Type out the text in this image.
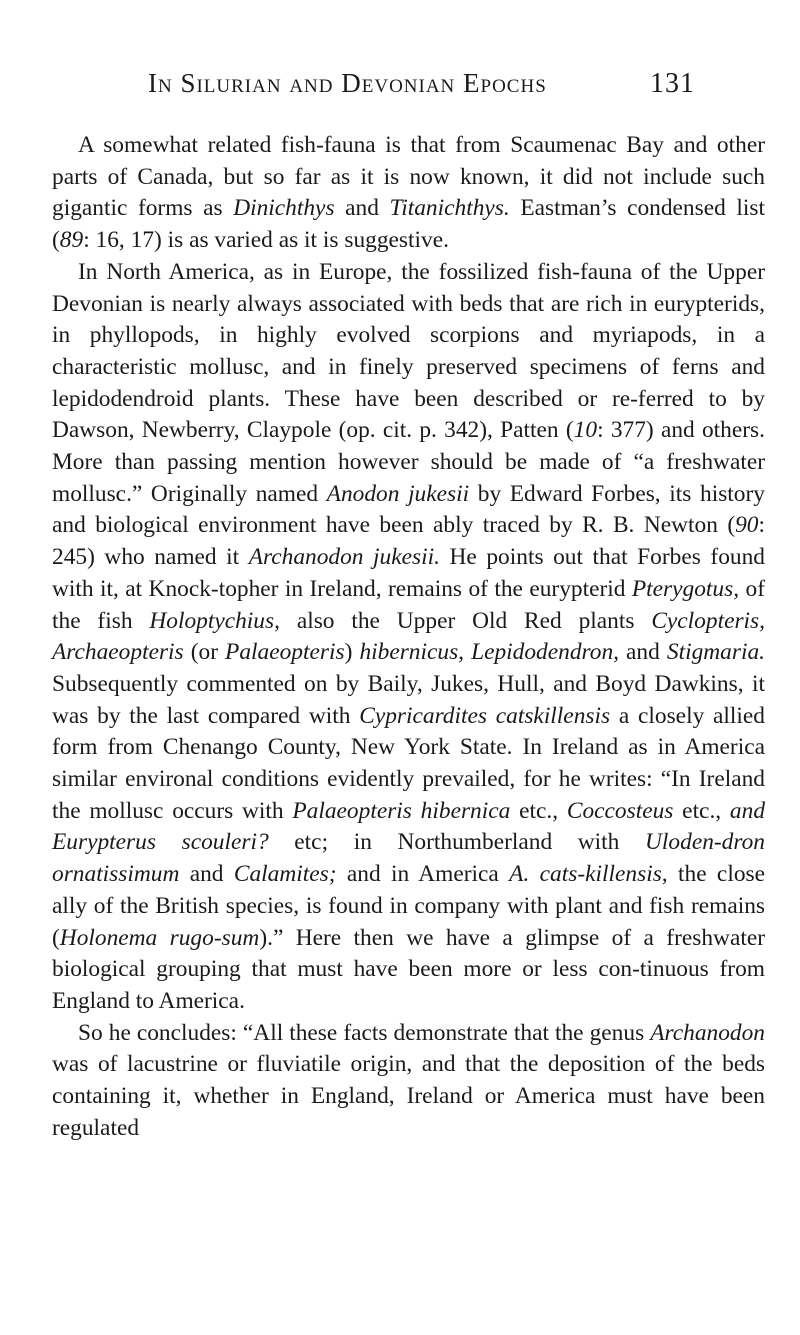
In Silurian and Devonian Epochs	131

A somewhat related fish-fauna is that from Scaumenac Bay and other parts of Canada, but so far as it is now known, it did not include such gigantic forms as Dinichthys and Titanichthys. Eastman’s condensed list (89: 16, 17) is as varied as it is suggestive.

In North America, as in Europe, the fossilized fish-fauna of the Upper Devonian is nearly always associated with beds that are rich in eurypterids, in phyllopods, in highly evolved scorpions and myriapods, in a characteristic mollusc, and in finely preserved specimens of ferns and lepidodendroid plants. These have been described or re-ferred to by Dawson, Newberry, Claypole (op. cit. p. 342), Patten (10: 377) and others. More than passing mention however should be made of “a freshwater mollusc.” Originally named Anodon jukesii by Edward Forbes, its history and biological environment have been ably traced by R. B. Newton (90: 245) who named it Archanodon jukesii. He points out that Forbes found with it, at Knock-topher in Ireland, remains of the eurypterid Pterygotus, of the fish Holoptychius, also the Upper Old Red plants Cyclopteris, Archaeopteris (or Palaeopteris) hibernicus, Lepidodendron, and Stigmaria. Subsequently commented on by Baily, Jukes, Hull, and Boyd Dawkins, it was by the last compared with Cypricardites catskillensis a closely allied form from Chenango County, New York State. In Ireland as in America similar environal conditions evidently prevailed, for he writes: “In Ireland the mollusc occurs with Palaeopteris hibernica etc., Coccosteus etc., and Eurypterus scouleri? etc; in Northumberland with Uloden-dron ornatissimum and Calamites; and in America A. cats-killensis, the close ally of the British species, is found in company with plant and fish remains (Holonema rugo-sum).” Here then we have a glimpse of a freshwater biological grouping that must have been more or less con-tinuous from England to America.

So he concludes: “All these facts demonstrate that the genus Archanodon was of lacustrine or fluviatile origin, and that the deposition of the beds containing it, whether in England, Ireland or America must have been regulated
